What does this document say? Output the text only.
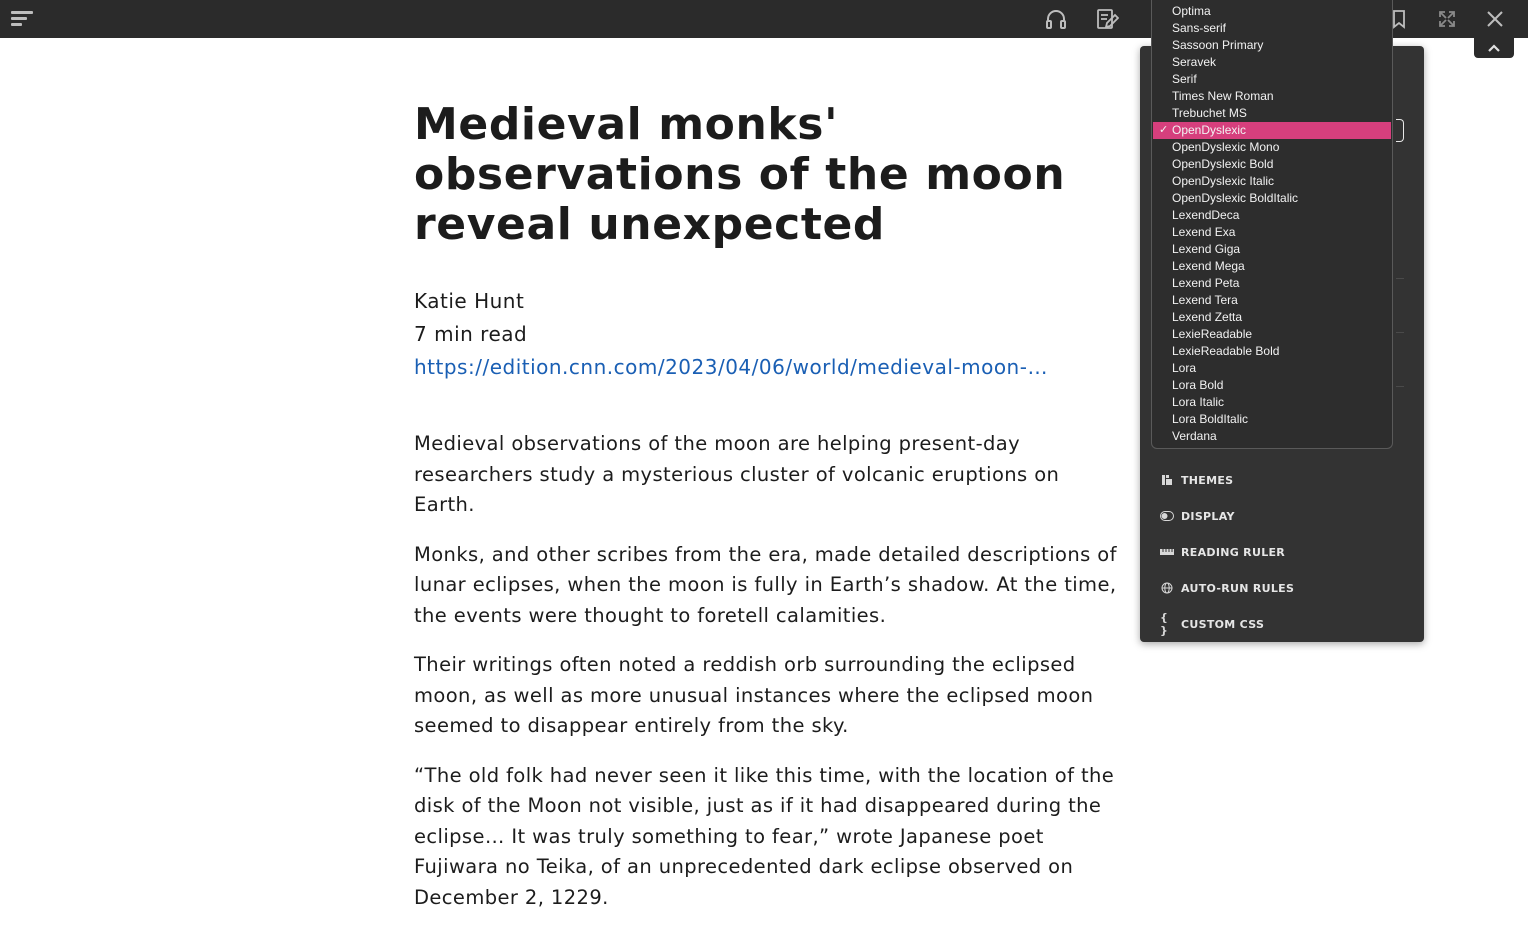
Medieval monks' observations of the moon reveal unexpected
Katie Hunt
7 min read
https://edition.cnn.com/2023/04/06/world/medieval-moon-…

Medieval observations of the moon are helping present-day researchers study a mysterious cluster of volcanic eruptions on Earth.

Monks, and other scribes from the era, made detailed descriptions of lunar eclipses, when the moon is fully in Earth’s shadow. At the time, the events were thought to foretell calamities.

Their writings often noted a reddish orb surrounding the eclipsed moon, as well as more unusual instances where the eclipsed moon seemed to disappear entirely from the sky.

“The old folk had never seen it like this time, with the location of the disk of the Moon not visible, just as if it had disappeared during the eclipse… It was truly something to fear,” wrote Japanese poet Fujiwara no Teika, of an unprecedented dark eclipse observed on December 2, 1229.

THEMES
DISPLAY
READING RULER
AUTO-RUN RULES
{ }	CUSTOM CSS
Optima
Sans-serif
Sassoon Primary
Seravek
Serif
Times New Roman
Trebuchet MS
✓ OpenDyslexic
OpenDyslexic Mono
OpenDyslexic Bold
OpenDyslexic Italic
OpenDyslexic BoldItalic
LexendDeca
Lexend Exa
Lexend Giga
Lexend Mega
Lexend Peta
Lexend Tera
Lexend Zetta
LexieReadable
LexieReadable Bold
Lora
Lora Bold
Lora Italic
Lora BoldItalic
Verdana
